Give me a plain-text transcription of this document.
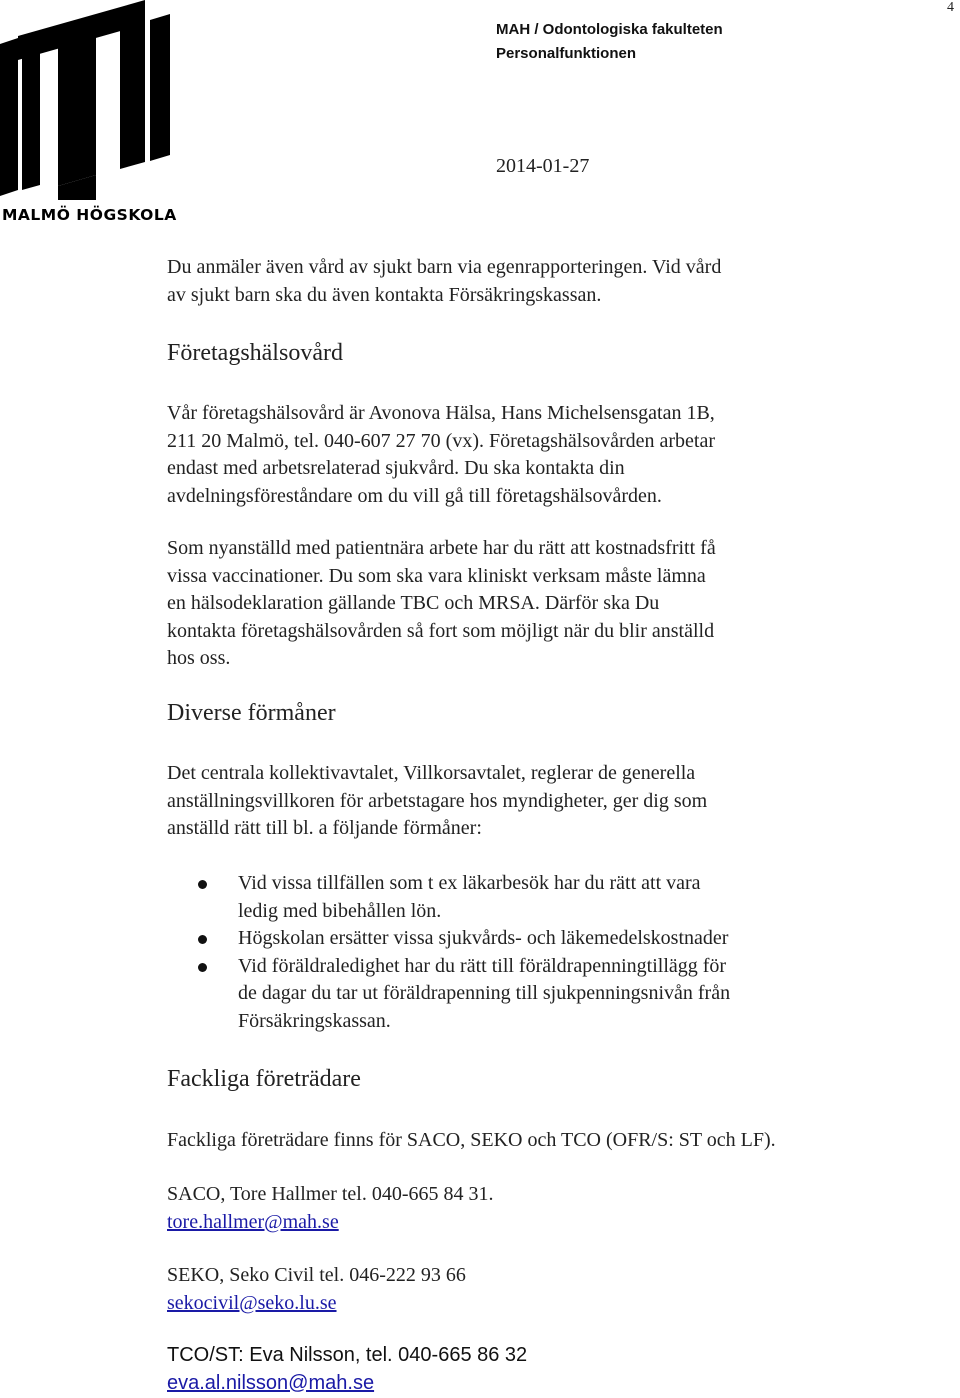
4
MALMÖ HÖGSKOLA
MAH / Odontologiska fakulteten
Personalfunktionen
2014-01-27
Du anmäler även vård av sjukt barn via egenrapporteringen. Vid vård
av sjukt barn ska du även kontakta Försäkringskassan.
Företagshälsovård
Vår företagshälsovård är Avonova Hälsa, Hans Michelsensgatan 1B,
211 20 Malmö, tel. 040-607 27 70 (vx). Företagshälsovården arbetar
endast med arbetsrelaterad sjukvård. Du ska kontakta din
avdelningsföreståndare om du vill gå till företagshälsovården.
Som nyanställd med patientnära arbete har du rätt att kostnadsfritt få
vissa vaccinationer. Du som ska vara kliniskt verksam måste lämna
en hälsodeklaration gällande TBC och MRSA. Därför ska Du
kontakta företagshälsovården så fort som möjligt när du blir anställd
hos oss.
Diverse förmåner
Det centrala kollektivavtalet, Villkorsavtalet, reglerar de generella
anställningsvillkoren för arbetstagare hos myndigheter, ger dig som
anställd rätt till bl. a följande förmåner:
Vid vissa tillfällen som t ex läkarbesök har du rätt att vara
ledig med bibehållen lön.
Högskolan ersätter vissa sjukvårds- och läkemedelskostnader
Vid föräldraledighet har du rätt till föräldrapenningtillägg för
de dagar du tar ut föräldrapenning till sjukpenningsnivån från
Försäkringskassan.
Fackliga företrädare
Fackliga företrädare finns för SACO, SEKO och TCO (OFR/S: ST och LF).
SACO, Tore Hallmer tel. 040-665 84 31.
tore.hallmer@mah.se
SEKO, Seko Civil tel. 046-222 93 66
sekocivil@seko.lu.se
TCO/ST: Eva Nilsson, tel. 040-665 86 32
eva.al.nilsson@mah.se
